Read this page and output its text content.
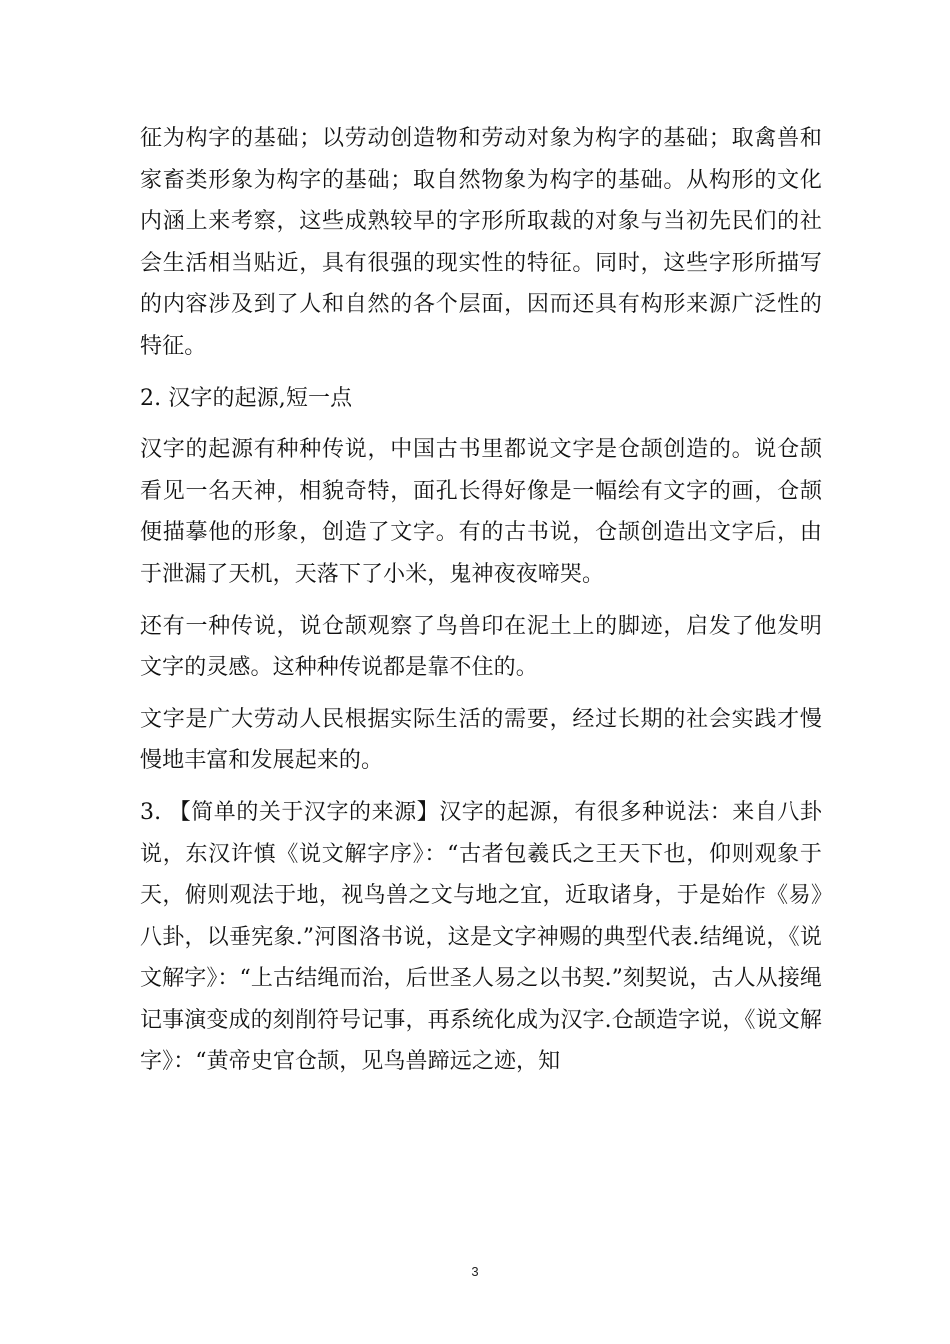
征为构字的基础；以劳动创造物和劳动对象为构字的基础；取禽兽和家畜类形象为构字的基础；取自然物象为构字的基础。从构形的文化内涵上来考察，这些成熟较早的字形所取裁的对象与当初先民们的社会生活相当贴近，具有很强的现实性的特征。同时，这些字形所描写的内容涉及到了人和自然的各个层面，因而还具有构形来源广泛性的特征。

2. 汉字的起源,短一点

汉字的起源有种种传说，中国古书里都说文字是仓颉创造的。说仓颉看见一名天神，相貌奇特，面孔长得好像是一幅绘有文字的画，仓颉便描摹他的形象，创造了文字。有的古书说，仓颉创造出文字后，由于泄漏了天机，天落下了小米，鬼神夜夜啼哭。

还有一种传说，说仓颉观察了鸟兽印在泥土上的脚迹，启发了他发明文字的灵感。这种种传说都是靠不住的。

文字是广大劳动人民根据实际生活的需要，经过长期的社会实践才慢慢地丰富和发展起来的。

3. 【简单的关于汉字的来源】汉字的起源，有很多种说法：来自八卦说，东汉许慎《说文解字序》：“古者包羲氏之王天下也，仰则观象于天，俯则观法于地，视鸟兽之文与地之宜，近取诸身，于是始作《易》八卦，以垂宪象.”河图洛书说，这是文字神赐的典型代表.结绳说，《说文解字》：“上古结绳而治，后世圣人易之以书契.”刻契说，古人从接绳记事演变成的刻削符号记事，再系统化成为汉字.仓颉造字说，《说文解字》：“黄帝史官仓颉，见鸟兽蹄远之迹，知

3
